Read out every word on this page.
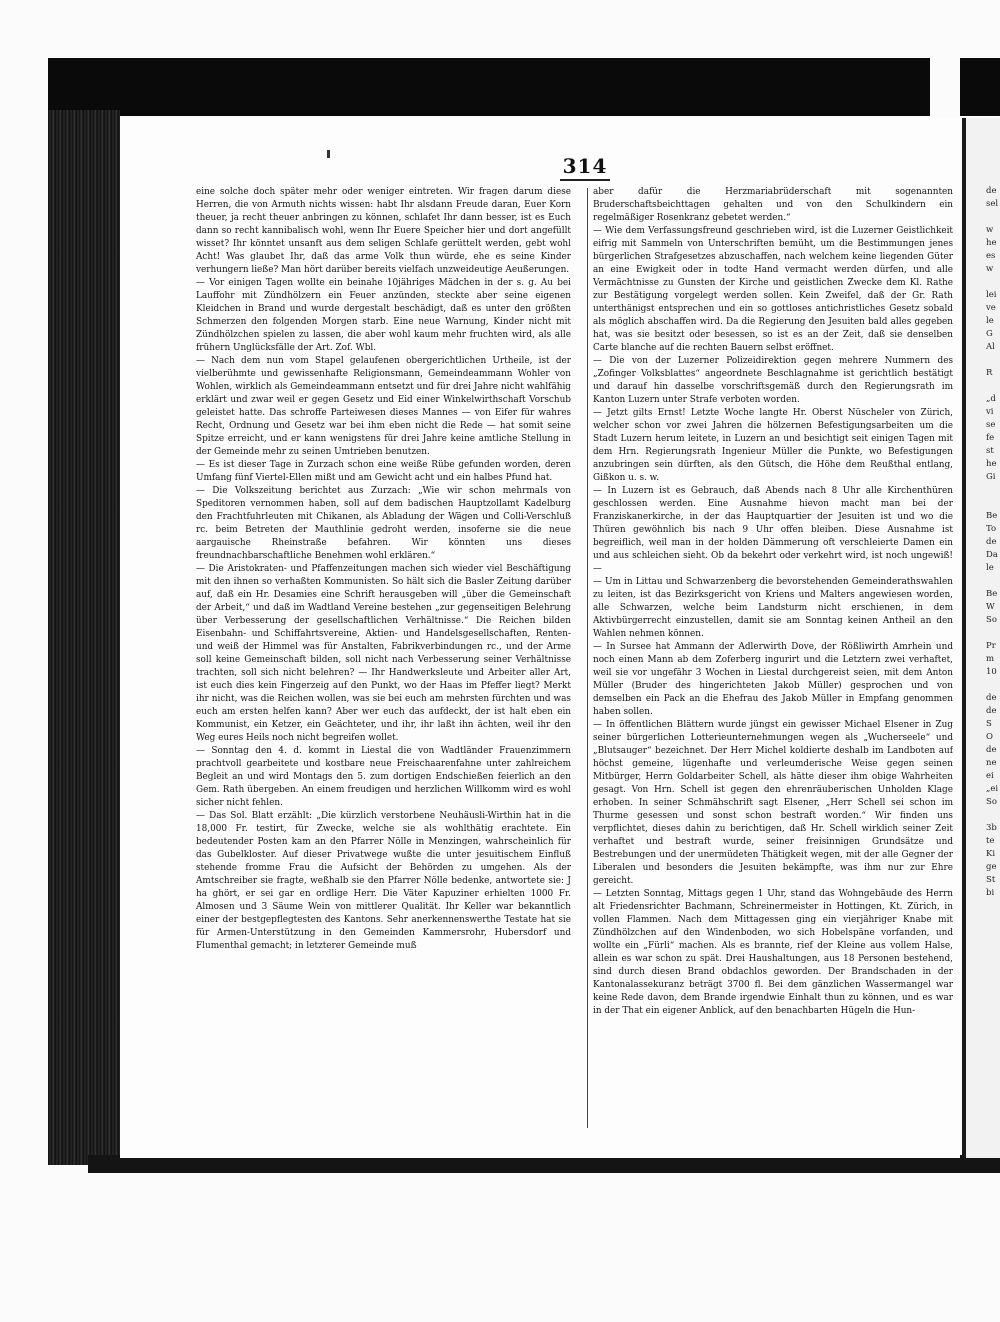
de
sel

w
he
es
w

lei
ve
le
G
Al

R

„d
vi
se
fe
st
he
Gi

Be
To
de
Da
le

Be
W
So

Pr
m
10

de
de
S
O
de
ne
ei
„ei
So

3b
te
Ki
ge
St
bi
314

eine solche doch später mehr oder weniger eintreten. Wir fragen darum diese Herren, die von Armuth nichts wissen: habt Ihr alsdann Freude daran, Euer Korn theuer, ja recht theuer anbringen zu können, schlafet Ihr dann besser, ist es Euch dann so recht kannibalisch wohl, wenn Ihr Euere Speicher hier und dort angefüllt wisset? Ihr könntet unsanft aus dem seligen Schlafe gerüttelt werden, gebt wohl Acht! Was glaubet Ihr, daß das arme Volk thun würde, ehe es seine Kinder verhungern ließe? Man hört darüber bereits vielfach unzweideutige Aeußerungen.

— Vor einigen Tagen wollte ein beinahe 10jähriges Mädchen in der s. g. Au bei Lauffohr mit Zündhölzern ein Feuer anzünden, steckte aber seine eigenen Kleidchen in Brand und wurde dergestalt beschädigt, daß es unter den größten Schmerzen den folgenden Morgen starb. Eine neue Warnung, Kinder nicht mit Zündhölzchen spielen zu lassen, die aber wohl kaum mehr fruchten wird, als alle frühern Unglücksfälle der Art. Zof. Wbl.

— Nach dem nun vom Stapel gelaufenen obergerichtlichen Urtheile, ist der vielberühmte und gewissenhafte Religionsmann, Gemeindeammann Wohler von Wohlen, wirklich als Gemeindeammann entsetzt und für drei Jahre nicht wahlfähig erklärt und zwar weil er gegen Gesetz und Eid einer Winkelwirthschaft Vorschub geleistet hatte. Das schroffe Parteiwesen dieses Mannes — von Eifer für wahres Recht, Ordnung und Gesetz war bei ihm eben nicht die Rede — hat somit seine Spitze erreicht, und er kann wenigstens für drei Jahre keine amtliche Stellung in der Gemeinde mehr zu seinen Umtrieben benutzen.

— Es ist dieser Tage in Zurzach schon eine weiße Rübe gefunden worden, deren Umfang fünf Viertel-Ellen mißt und am Gewicht acht und ein halbes Pfund hat.

— Die Volkszeitung berichtet aus Zurzach: „Wie wir schon mehrmals von Speditoren vernommen haben, soll auf dem badischen Hauptzollamt Kadelburg den Frachtfuhrleuten mit Chikanen, als Abladung der Wägen und Colli-Verschluß rc. beim Betreten der Mauthlinie gedroht werden, insoferne sie die neue aargauische Rheinstraße befahren. Wir könnten uns dieses freundnachbarschaftliche Benehmen wohl erklären.“

— Die Aristokraten- und Pfaffenzeitungen machen sich wieder viel Beschäftigung mit den ihnen so verhaßten Kommunisten. So hält sich die Basler Zeitung darüber auf, daß ein Hr. Desamies eine Schrift herausgeben will „über die Gemeinschaft der Arbeit,“ und daß im Wadtland Vereine bestehen „zur gegenseitigen Belehrung über Verbesserung der gesellschaftlichen Verhältnisse.“ Die Reichen bilden Eisenbahn- und Schiffahrtsvereine, Aktien- und Handelsgesellschaften, Renten- und weiß der Himmel was für Anstalten, Fabrikverbindungen rc., und der Arme soll keine Gemeinschaft bilden, soll nicht nach Verbesserung seiner Verhältnisse trachten, soll sich nicht belehren? — Ihr Handwerksleute und Arbeiter aller Art, ist euch dies kein Fingerzeig auf den Punkt, wo der Haas im Pfeffer liegt? Merkt ihr nicht, was die Reichen wollen, was sie bei euch am mehrsten fürchten und was euch am ersten helfen kann? Aber wer euch das aufdeckt, der ist halt eben ein Kommunist, ein Ketzer, ein Geächteter, und ihr, ihr laßt ihn ächten, weil ihr den Weg eures Heils noch nicht begreifen wollet.

— Sonntag den 4. d. kommt in Liestal die von Wadtländer Frauenzimmern prachtvoll gearbeitete und kostbare neue Freischaarenfahne unter zahlreichem Begleit an und wird Montags den 5. zum dortigen Endschießen feierlich an den Gem. Rath übergeben. An einem freudigen und herzlichen Willkomm wird es wohl sicher nicht fehlen.

— Das Sol. Blatt erzählt: „Die kürzlich verstorbene Neuhäusli-Wirthin hat in die 18,000 Fr. testirt, für Zwecke, welche sie als wohlthätig erachtete. Ein bedeutender Posten kam an den Pfarrer Nölle in Menzingen, wahrscheinlich für das Gubelkloster. Auf dieser Privatwege wußte die unter jesuitischem Einfluß stehende fromme Frau die Aufsicht der Behörden zu umgehen. Als der Amtschreiber sie fragte, weßhalb sie den Pfarrer Nölle bedenke, antwortete sie: J ha ghört, er sei gar en ordlige Herr. Die Väter Kapuziner erhielten 1000 Fr. Almosen und 3 Säume Wein von mittlerer Qualität. Ihr Keller war bekanntlich einer der bestgepflegtesten des Kantons. Sehr anerkennenswerthe Testate hat sie für Armen-Unterstützung in den Gemeinden Kammersrohr, Hubersdorf und Flumenthal gemacht; in letzterer Gemeinde muß

aber dafür die Herzmariabrüderschaft mit sogenannten Bruderschaftsbeichttagen gehalten und von den Schulkindern ein regelmäßiger Rosenkranz gebetet werden.“

— Wie dem Verfassungsfreund geschrieben wird, ist die Luzerner Geistlichkeit eifrig mit Sammeln von Unterschriften bemüht, um die Bestimmungen jenes bürgerlichen Strafgesetzes abzuschaffen, nach welchem keine liegenden Güter an eine Ewigkeit oder in todte Hand vermacht werden dürfen, und alle Vermächtnisse zu Gunsten der Kirche und geistlichen Zwecke dem Kl. Rathe zur Bestätigung vorgelegt werden sollen. Kein Zweifel, daß der Gr. Rath unterthänigst entsprechen und ein so gottloses antichristliches Gesetz sobald als möglich abschaffen wird. Da die Regierung den Jesuiten bald alles gegeben hat, was sie besitzt oder besessen, so ist es an der Zeit, daß sie denselben Carte blanche auf die rechten Bauern selbst eröffnet.

— Die von der Luzerner Polizeidirektion gegen mehrere Nummern des „Zofinger Volksblattes“ angeordnete Beschlagnahme ist gerichtlich bestätigt und darauf hin dasselbe vorschriftsgemäß durch den Regierungsrath im Kanton Luzern unter Strafe verboten worden.

— Jetzt gilts Ernst! Letzte Woche langte Hr. Oberst Nüscheler von Zürich, welcher schon vor zwei Jahren die hölzernen Befestigungsarbeiten um die Stadt Luzern herum leitete, in Luzern an und besichtigt seit einigen Tagen mit dem Hrn. Regierungsrath Ingenieur Müller die Punkte, wo Befestigungen anzubringen sein dürften, als den Gütsch, die Höhe dem Reußthal entlang, Gißkon u. s. w.

— In Luzern ist es Gebrauch, daß Abends nach 8 Uhr alle Kirchenthüren geschlossen werden. Eine Ausnahme hievon macht man bei der Franziskanerkirche, in der das Hauptquartier der Jesuiten ist und wo die Thüren gewöhnlich bis nach 9 Uhr offen bleiben. Diese Ausnahme ist begreiflich, weil man in der holden Dämmerung oft verschleierte Damen ein und aus schleichen sieht. Ob da bekehrt oder verkehrt wird, ist noch ungewiß! —

— Um in Littau und Schwarzenberg die bevorstehenden Gemeinderathswahlen zu leiten, ist das Bezirksgericht von Kriens und Malters angewiesen worden, alle Schwarzen, welche beim Landsturm nicht erschienen, in dem Aktivbürgerrecht einzustellen, damit sie am Sonntag keinen Antheil an den Wahlen nehmen können.

— In Sursee hat Ammann der Adlerwirth Dove, der Rößliwirth Amrhein und noch einen Mann ab dem Zoferberg ingurirt und die Letztern zwei verhaftet, weil sie vor ungefähr 3 Wochen in Liestal durchgereist seien, mit dem Anton Müller (Bruder des hingerichteten Jakob Müller) gesprochen und von demselben ein Pack an die Ehefrau des Jakob Müller in Empfang genommen haben sollen.

— In öffentlichen Blättern wurde jüngst ein gewisser Michael Elsener in Zug seiner bürgerlichen Lotterieunternehmungen wegen als „Wucherseele“ und „Blutsauger“ bezeichnet. Der Herr Michel koldierte deshalb im Landboten auf höchst gemeine, lügenhafte und verleumderische Weise gegen seinen Mitbürger, Herrn Goldarbeiter Schell, als hätte dieser ihm obige Wahrheiten gesagt. Von Hrn. Schell ist gegen den ehrenräuberischen Unholden Klage erhoben. In seiner Schmähschrift sagt Elsener, „Herr Schell sei schon im Thurme gesessen und sonst schon bestraft worden.“ Wir finden uns verpflichtet, dieses dahin zu berichtigen, daß Hr. Schell wirklich seiner Zeit verhaftet und bestraft wurde, seiner freisinnigen Grundsätze und Bestrebungen und der unermüdeten Thätigkeit wegen, mit der alle Gegner der Liberalen und besonders die Jesuiten bekämpfte, was ihm nur zur Ehre gereicht.

— Letzten Sonntag, Mittags gegen 1 Uhr, stand das Wohngebäude des Herrn alt Friedensrichter Bachmann, Schreinermeister in Hottingen, Kt. Zürich, in vollen Flammen. Nach dem Mittagessen ging ein vierjähriger Knabe mit Zündhölzchen auf den Windenboden, wo sich Hobelspäne vorfanden, und wollte ein „Fürli“ machen. Als es brannte, rief der Kleine aus vollem Halse, allein es war schon zu spät. Drei Haushaltungen, aus 18 Personen bestehend, sind durch diesen Brand obdachlos geworden. Der Brandschaden in der Kantonalassekuranz beträgt 3700 fl. Bei dem gänzlichen Wassermangel war keine Rede davon, dem Brande irgendwie Einhalt thun zu können, und es war in der That ein eigener Anblick, auf den benachbarten Hügeln die Hun-
